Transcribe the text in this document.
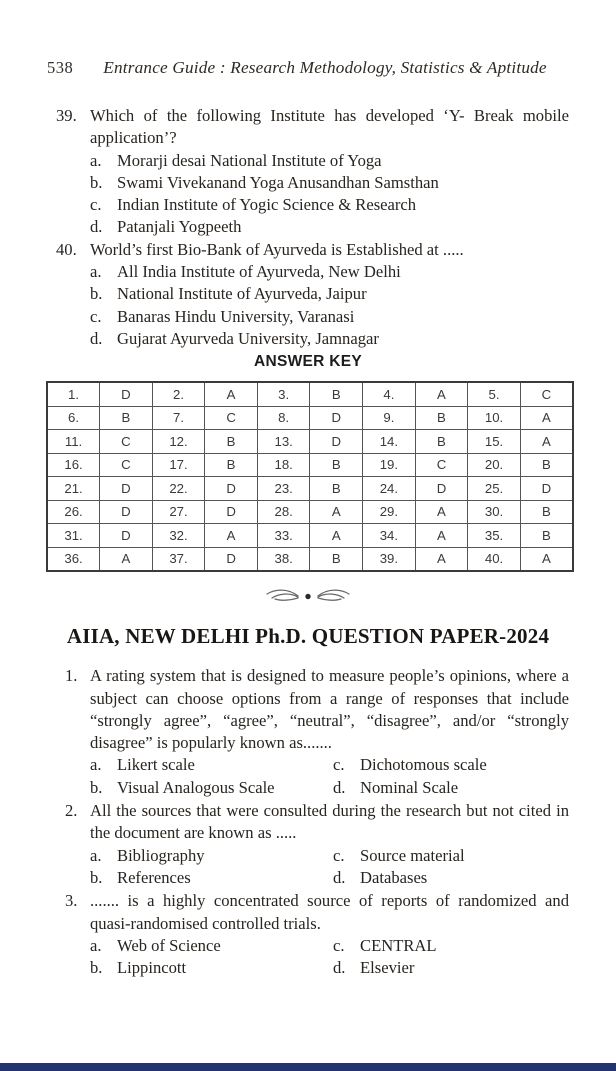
538 Entrance Guide : Research Methodology, Statistics & Aptitude
39. Which of the following Institute has developed ‘Y- Break mobile application’?
a. Morarji desai National Institute of Yoga
b. Swami Vivekanand Yoga Anusandhan Samsthan
c. Indian Institute of Yogic Science & Research
d. Patanjali Yogpeeth
40. World’s first Bio-Bank of Ayurveda is Established at .....
a. All India Institute of Ayurveda, New Delhi
b. National Institute of Ayurveda, Jaipur
c. Banaras Hindu University, Varanasi
d. Gujarat Ayurveda University, Jamnagar
ANSWER KEY
1.	D	2.	A	3.	B	4.	A	5.	C
6.	B	7.	C	8.	D	9.	B	10.	A
11.	C	12.	B	13.	D	14.	B	15.	A
16.	C	17.	B	18.	B	19.	C	20.	B
21.	D	22.	D	23.	B	24.	D	25.	D
26.	D	27.	D	28.	A	29.	A	30.	B
31.	D	32.	A	33.	A	34.	A	35.	B
36.	A	37.	D	38.	B	39.	A	40.	A
AIIA, NEW DELHI Ph.D. QUESTION PAPER-2024
1. A rating system that is designed to measure people’s opinions, where a subject can choose options from a range of responses that include “strongly agree”, “agree”, “neutral”, “disagree”, and/or “strongly disagree” is popularly known as.......
a. Likert scale	c. Dichotomous scale
b. Visual Analogous Scale	d. Nominal Scale
2. All the sources that were consulted during the research but not cited in the document are known as .....
a. Bibliography	c. Source material
b. References	d. Databases
3. ....... is a highly concentrated source of reports of randomized and quasi-randomised controlled trials.
a. Web of Science	c. CENTRAL
b. Lippincott	d. Elsevier
